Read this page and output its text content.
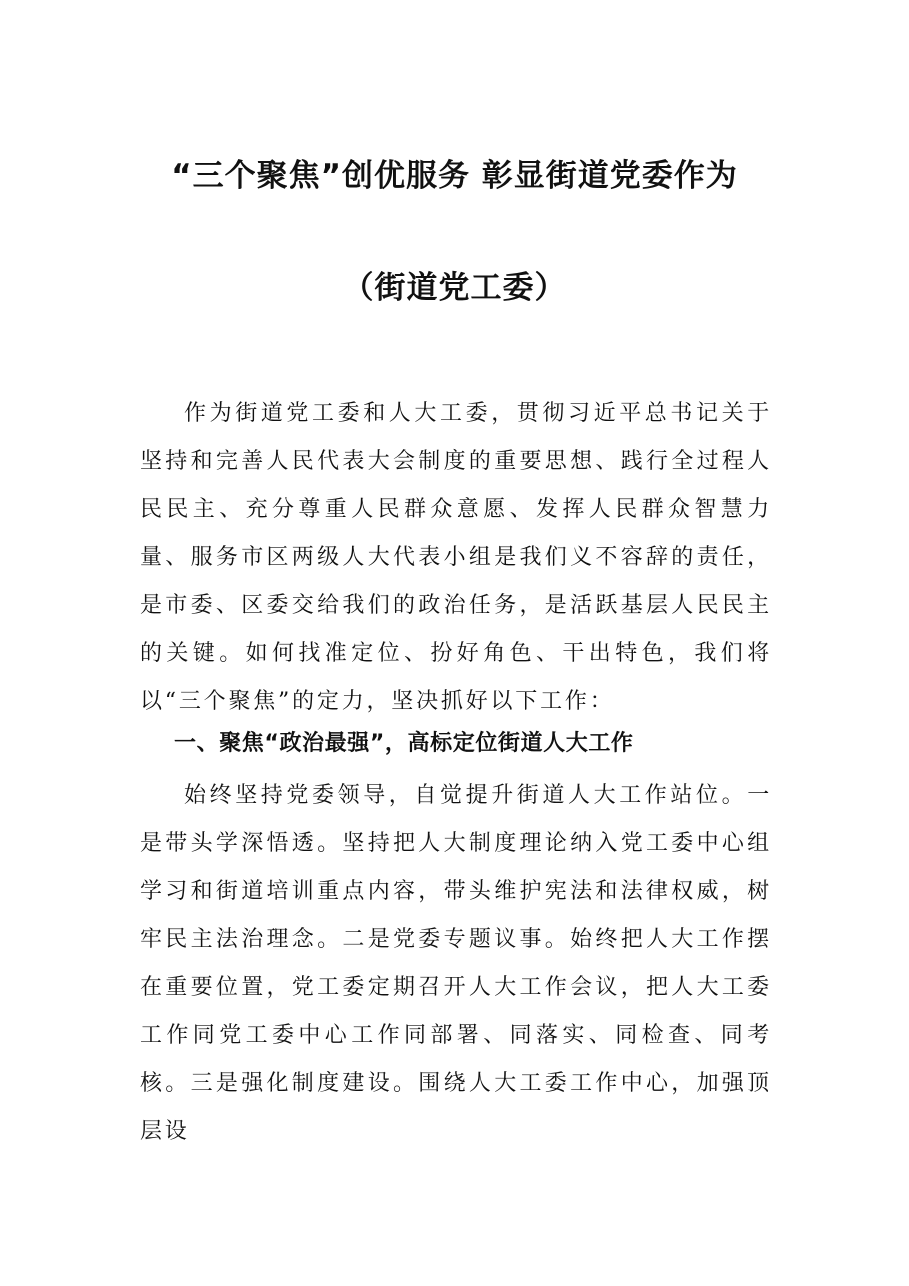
“三个聚焦”创优服务 彰显街道党委作为
（街道党工委）

作为街道党工委和人大工委，贯彻习近平总书记关于坚持和完善人民代表大会制度的重要思想、践行全过程人民民主、充分尊重人民群众意愿、发挥人民群众智慧力量、服务市区两级人大代表小组是我们义不容辞的责任，是市委、区委交给我们的政治任务，是活跃基层人民民主的关键。如何找准定位、扮好角色、干出特色，我们将以“三个聚焦”的定力，坚决抓好以下工作：

一、聚焦“政治最强”，高标定位街道人大工作

始终坚持党委领导，自觉提升街道人大工作站位。一是带头学深悟透。坚持把人大制度理论纳入党工委中心组学习和街道培训重点内容，带头维护宪法和法律权威，树牢民主法治理念。二是党委专题议事。始终把人大工作摆在重要位置，党工委定期召开人大工作会议，把人大工委工作同党工委中心工作同部署、同落实、同检查、同考核。三是强化制度建设。围绕人大工委工作中心，加强顶层设
